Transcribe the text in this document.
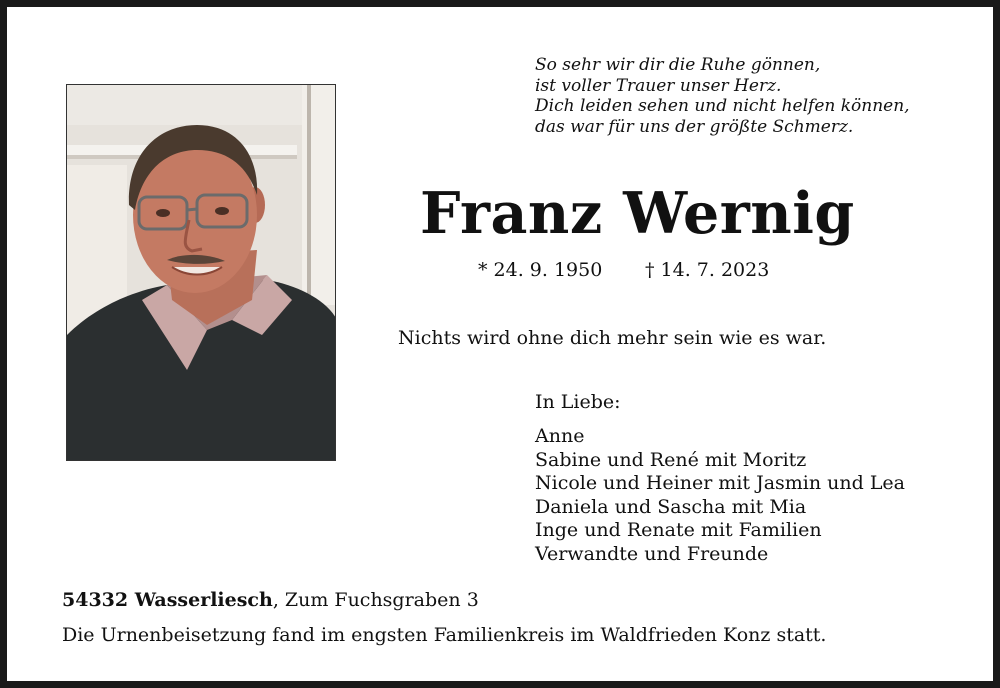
So sehr wir dir die Ruhe gönnen,
ist voller Trauer unser Herz.
Dich leiden sehen und nicht helfen können,
das war für uns der größte Schmerz.
Franz Wernig
* 24. 9. 1950 † 14. 7. 2023
Nichts wird ohne dich mehr sein wie es war.
In Liebe:
Anne
Sabine und René mit Moritz
Nicole und Heiner mit Jasmin und Lea
Daniela und Sascha mit Mia
Inge und Renate mit Familien
Verwandte und Freunde
54332 Wasserliesch, Zum Fuchsgraben 3
Die Urnenbeisetzung fand im engsten Familienkreis im Waldfrieden Konz statt.
